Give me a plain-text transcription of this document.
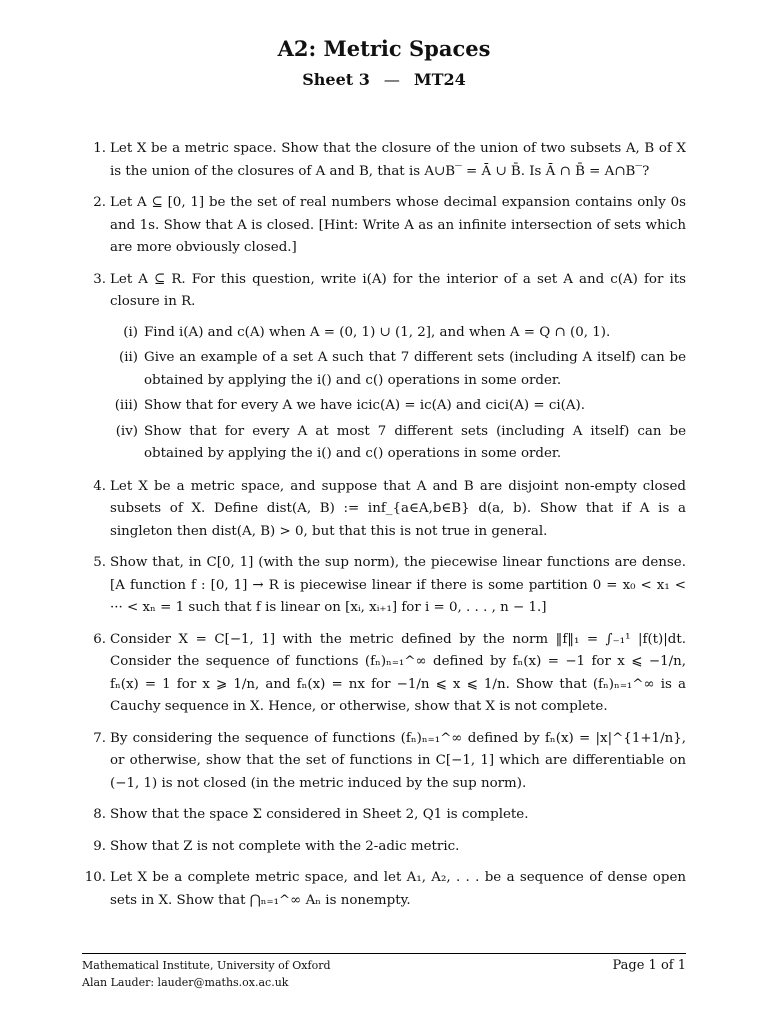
A2: Metric Spaces
Sheet 3 — MT24
1. Let X be a metric space. Show that the closure of the union of two subsets A, B of X is the union of the closures of A and B, that is A∪B‾ = Ā ∪ B̄. Is Ā ∩ B̄ = A∩B‾?
2. Let A ⊆ [0, 1] be the set of real numbers whose decimal expansion contains only 0s and 1s. Show that A is closed. [Hint: Write A as an infinite intersection of sets which are more obviously closed.]
3. Let A ⊆ R. For this question, write i(A) for the interior of a set A and c(A) for its closure in R.
(i) Find i(A) and c(A) when A = (0, 1) ∪ (1, 2], and when A = Q ∩ (0, 1).
(ii) Give an example of a set A such that 7 different sets (including A itself) can be obtained by applying the i() and c() operations in some order.
(iii) Show that for every A we have icic(A) = ic(A) and cici(A) = ci(A).
(iv) Show that for every A at most 7 different sets (including A itself) can be obtained by applying the i() and c() operations in some order.
4. Let X be a metric space, and suppose that A and B are disjoint non-empty closed subsets of X. Define dist(A, B) := inf_{a∈A,b∈B} d(a, b). Show that if A is a singleton then dist(A, B) > 0, but that this is not true in general.
5. Show that, in C[0, 1] (with the sup norm), the piecewise linear functions are dense. [A function f : [0, 1] → R is piecewise linear if there is some partition 0 = x₀ < x₁ < ··· < xₙ = 1 such that f is linear on [xᵢ, xᵢ₊₁] for i = 0, . . . , n − 1.]
6. Consider X = C[−1, 1] with the metric defined by the norm ‖f‖₁ = ∫₋₁¹ |f(t)|dt. Consider the sequence of functions (fₙ)ₙ₌₁^∞ defined by fₙ(x) = −1 for x ⩽ −1/n, fₙ(x) = 1 for x ⩾ 1/n, and fₙ(x) = nx for −1/n ⩽ x ⩽ 1/n. Show that (fₙ)ₙ₌₁^∞ is a Cauchy sequence in X. Hence, or otherwise, show that X is not complete.
7. By considering the sequence of functions (fₙ)ₙ₌₁^∞ defined by fₙ(x) = |x|^{1+1/n}, or otherwise, show that the set of functions in C[−1, 1] which are differentiable on (−1, 1) is not closed (in the metric induced by the sup norm).
8. Show that the space Σ considered in Sheet 2, Q1 is complete.
9. Show that Z is not complete with the 2-adic metric.
10. Let X be a complete metric space, and let A₁, A₂, . . . be a sequence of dense open sets in X. Show that ⋂ₙ₌₁^∞ Aₙ is nonempty.
Mathematical Institute, University of Oxford
Alan Lauder: lauder@maths.ox.ac.uk
Page 1 of 1
